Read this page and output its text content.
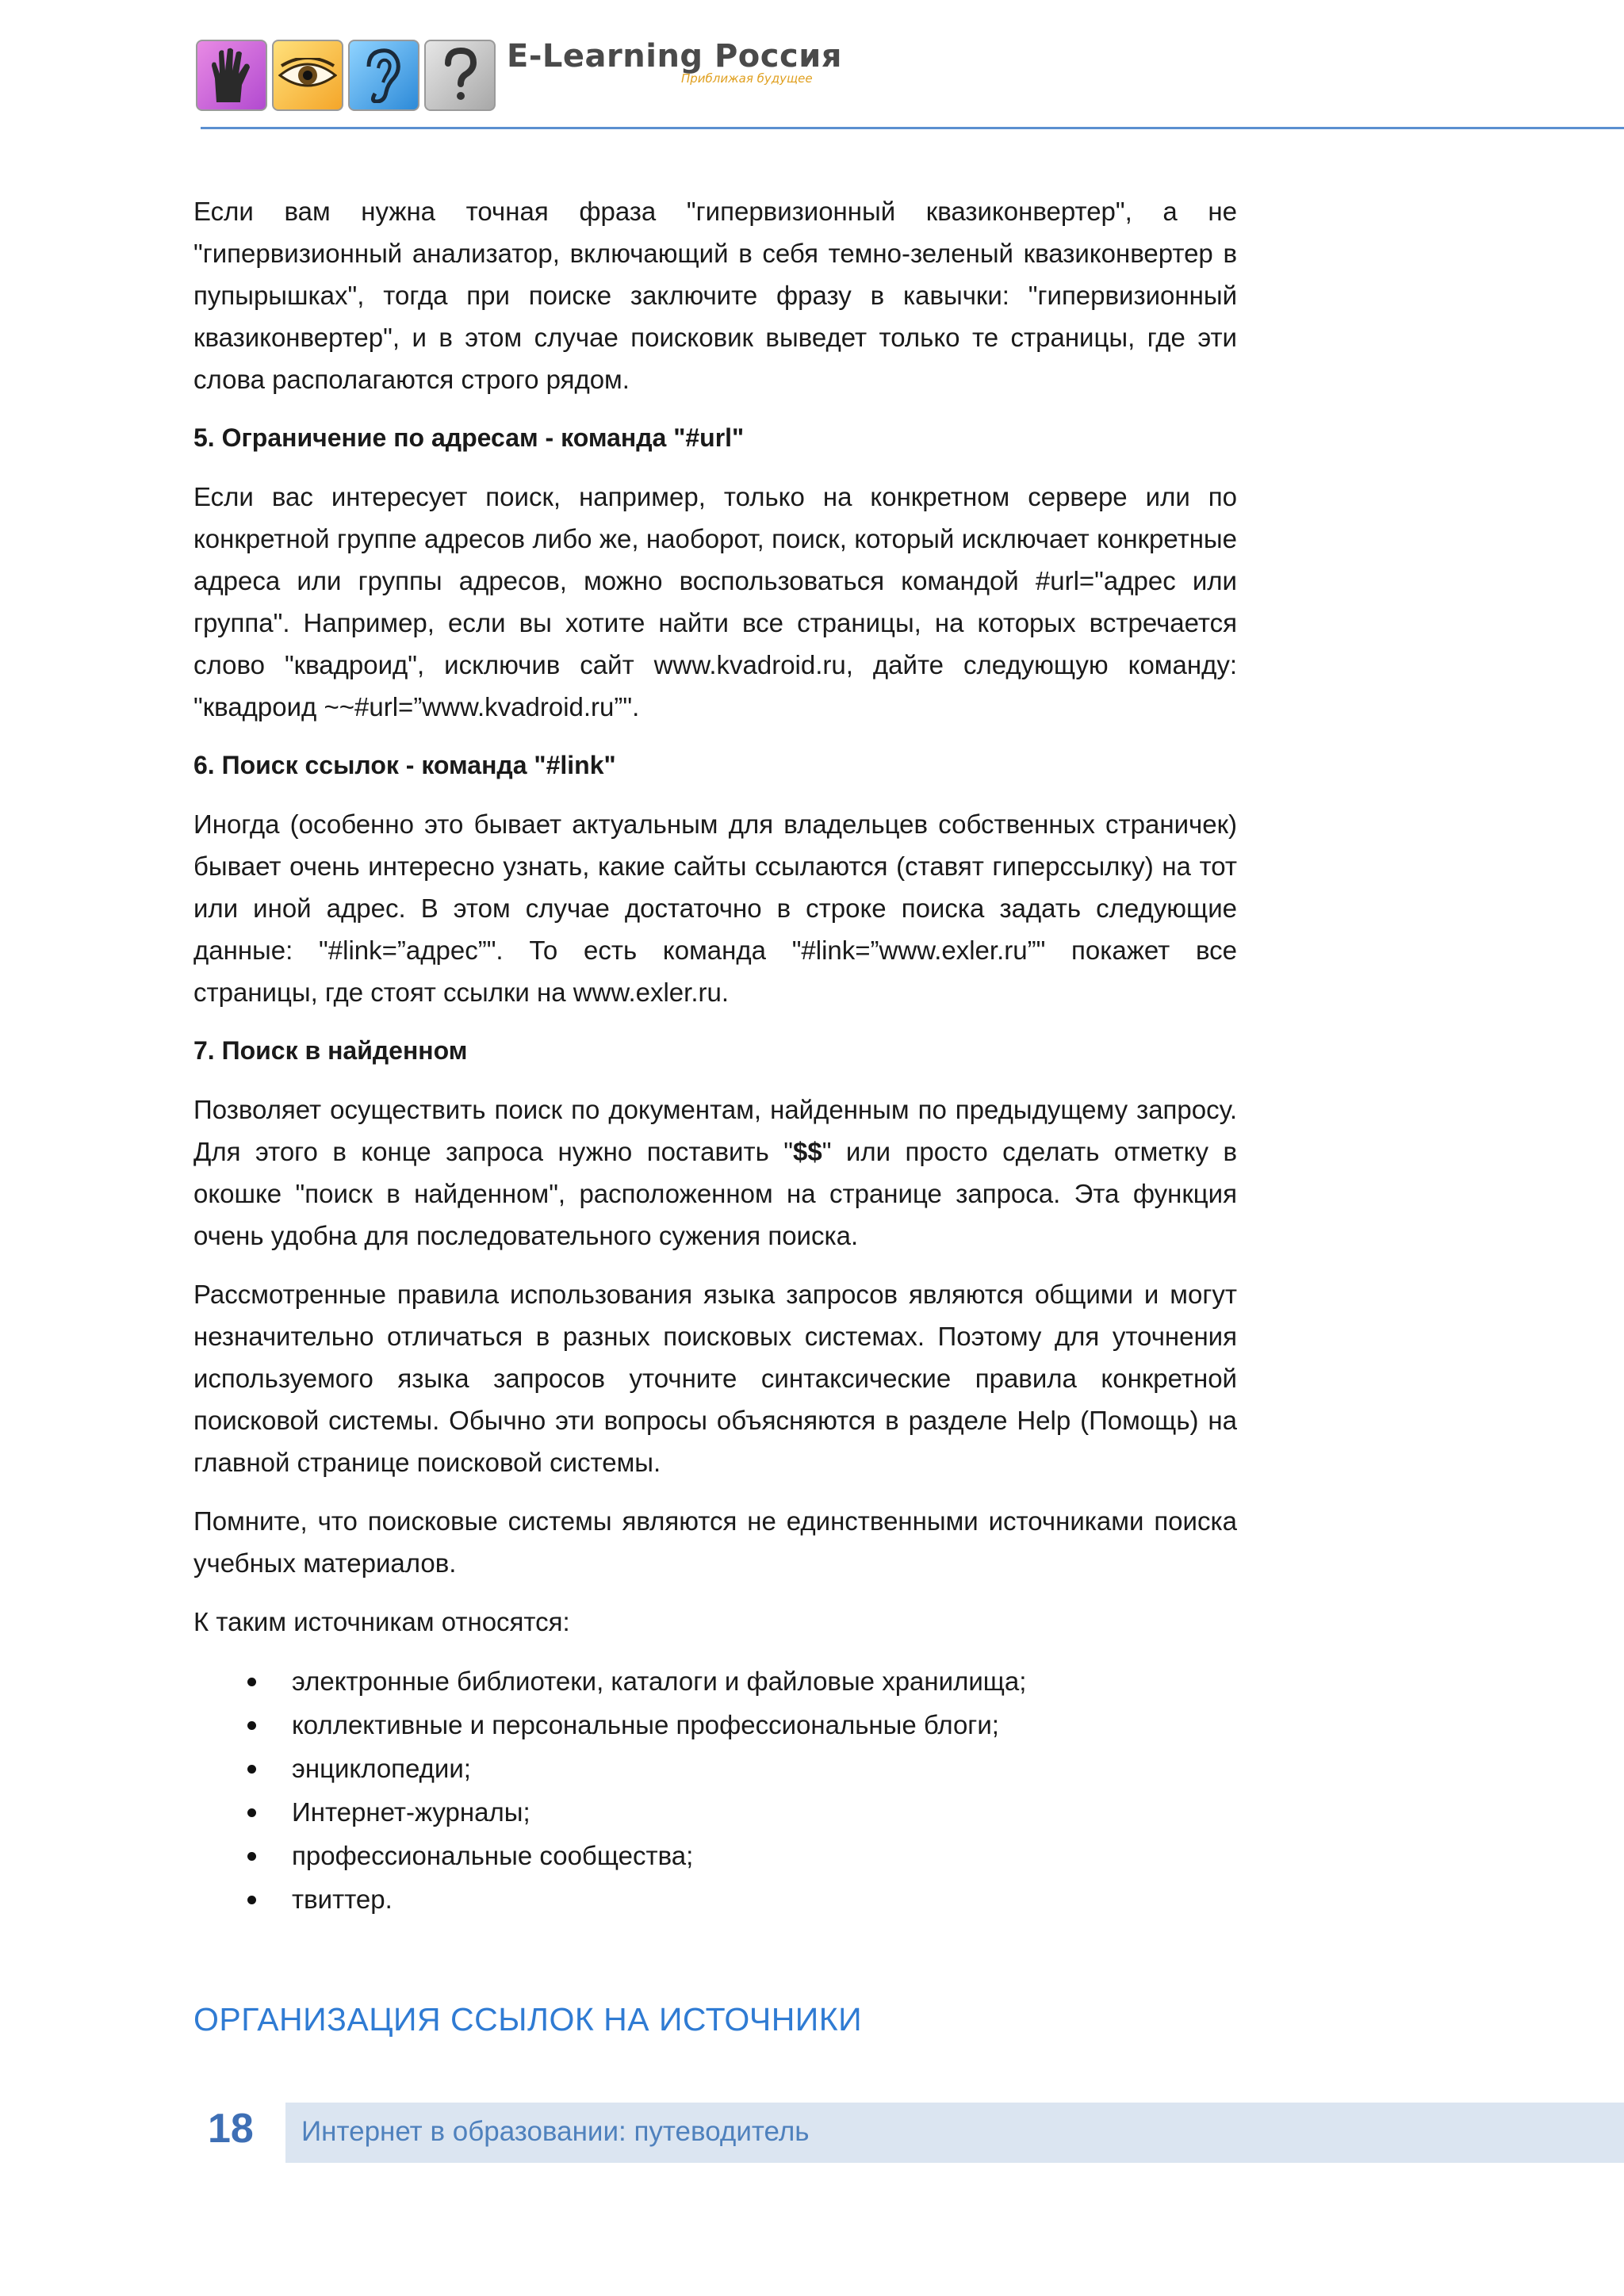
E-Learning Россия
Приближая будущее

Если вам нужна точная фраза "гипервизионный квазиконвертер", а не "гипервизионный анализатор, включающий в себя темно-зеленый квазиконвертер в пупырышках", тогда при поиске заключите фразу в кавычки: "гипервизионный квазиконвертер", и в этом случае поисковик выведет только те страницы, где эти слова располагаются строго рядом.

5. Ограничение по адресам - команда "#url"

Если вас интересует поиск, например, только на конкретном сервере или по конкретной группе адресов либо же, наоборот, поиск, который исключает конкретные адреса или группы адресов, можно воспользоваться командой #url="адрес или группа". Например, если вы хотите найти все страницы, на которых встречается слово "квадроид", исключив сайт www.kvadroid.ru, дайте следующую команду: "квадроид ~~#url=”www.kvadroid.ru”".

6. Поиск ссылок - команда "#link"

Иногда (особенно это бывает актуальным для владельцев собственных страничек) бывает очень интересно узнать, какие сайты ссылаются (ставят гиперссылку) на тот или иной адрес. В этом случае достаточно в строке поиска задать следующие данные: "#link=”адрес”". То есть команда "#link=”www.exler.ru”" покажет все страницы, где стоят ссылки на www.exler.ru.

7. Поиск в найденном

Позволяет осуществить поиск по документам, найденным по предыдущему запросу. Для этого в конце запроса нужно поставить "$$" или просто сделать отметку в окошке "поиск в найденном", расположенном на странице запроса. Эта функция очень удобна для последовательного сужения поиска.

Рассмотренные правила использования языка запросов являются общими и могут незначительно отличаться в разных поисковых системах. Поэтому для уточнения используемого языка запросов уточните синтаксические правила конкретной поисковой системы. Обычно эти вопросы объясняются в разделе Help (Помощь) на главной странице поисковой системы.

Помните, что поисковые системы являются не единственными источниками поиска учебных материалов.

К таким источникам относятся:

электронные библиотеки, каталоги и файловые хранилища;
коллективные и персональные профессиональные блоги;
энциклопедии;
Интернет-журналы;
профессиональные сообщества;
твиттер.
ОРГАНИЗАЦИЯ ССЫЛОК НА ИСТОЧНИКИ
18 Интернет в образовании: путеводитель
